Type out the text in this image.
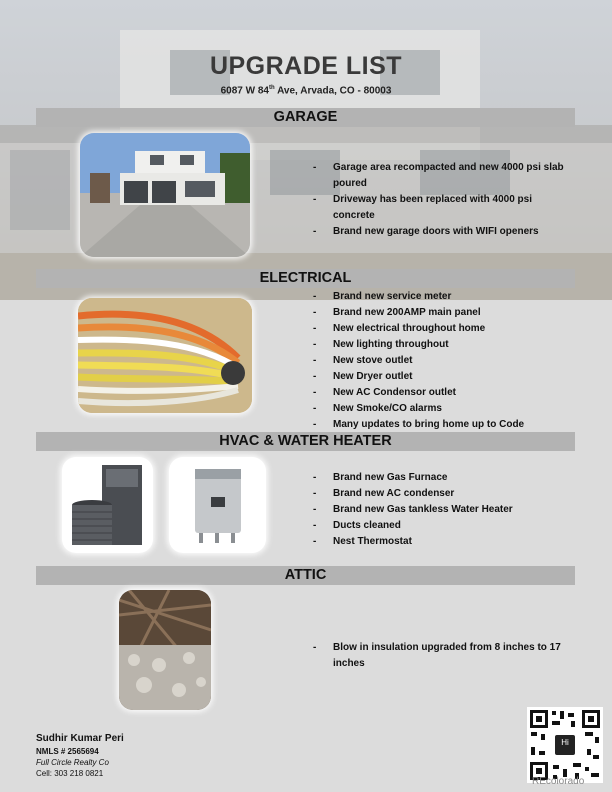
UPGRADE LIST
6087 W 84th Ave, Arvada, CO - 80003
GARAGE
- Garage area recompacted and new 4000 psi slab poured
- Driveway has been replaced with 4000 psi concrete
- Brand new garage doors with WIFI openers
ELECTRICAL
- Brand new service meter
- Brand new 200AMP main panel
- New electrical throughout home
- New lighting throughout
- New stove outlet
- New Dryer outlet
- New AC Condensor outlet
- New Smoke/CO alarms
- Many updates to bring home up to Code
HVAC & WATER HEATER
- Brand new Gas Furnace
- Brand new AC condenser
- Brand new Gas tankless Water Heater
- Ducts cleaned
- Nest Thermostat
ATTIC
- Blow in insulation upgraded from 8 inches to 17 inches
Sudhir Kumar Peri
NMLS # 2565694
Full Circle Realty Co
Cell: 303 218 0821
Hi
REcolorado
